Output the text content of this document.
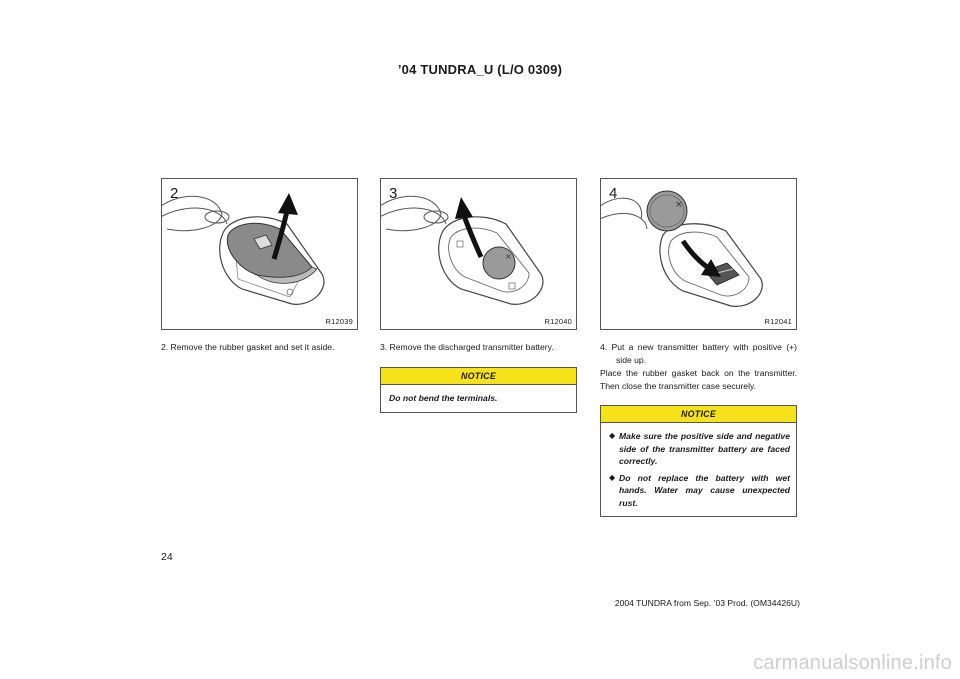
’04 TUNDRA_U (L/O 0309)
2
R12039
×
3
R12040
×
4
R12041
2. Remove the rubber gasket and set it aside.	3. Remove the discharged transmitter battery.
NOTICE
Do not bend the terminals.
4. Put a new transmitter battery with positive (+) side up.
Place the rubber gasket back on the transmitter. Then close the transmitter case securely.
NOTICE
◆ Make sure the positive side and negative side of the transmitter battery are faced correctly.
◆ Do not replace the battery with wet hands. Water may cause unexpected rust.
24
2004 TUNDRA from Sep. ’03 Prod. (OM34426U)
carmanualsonline.info
